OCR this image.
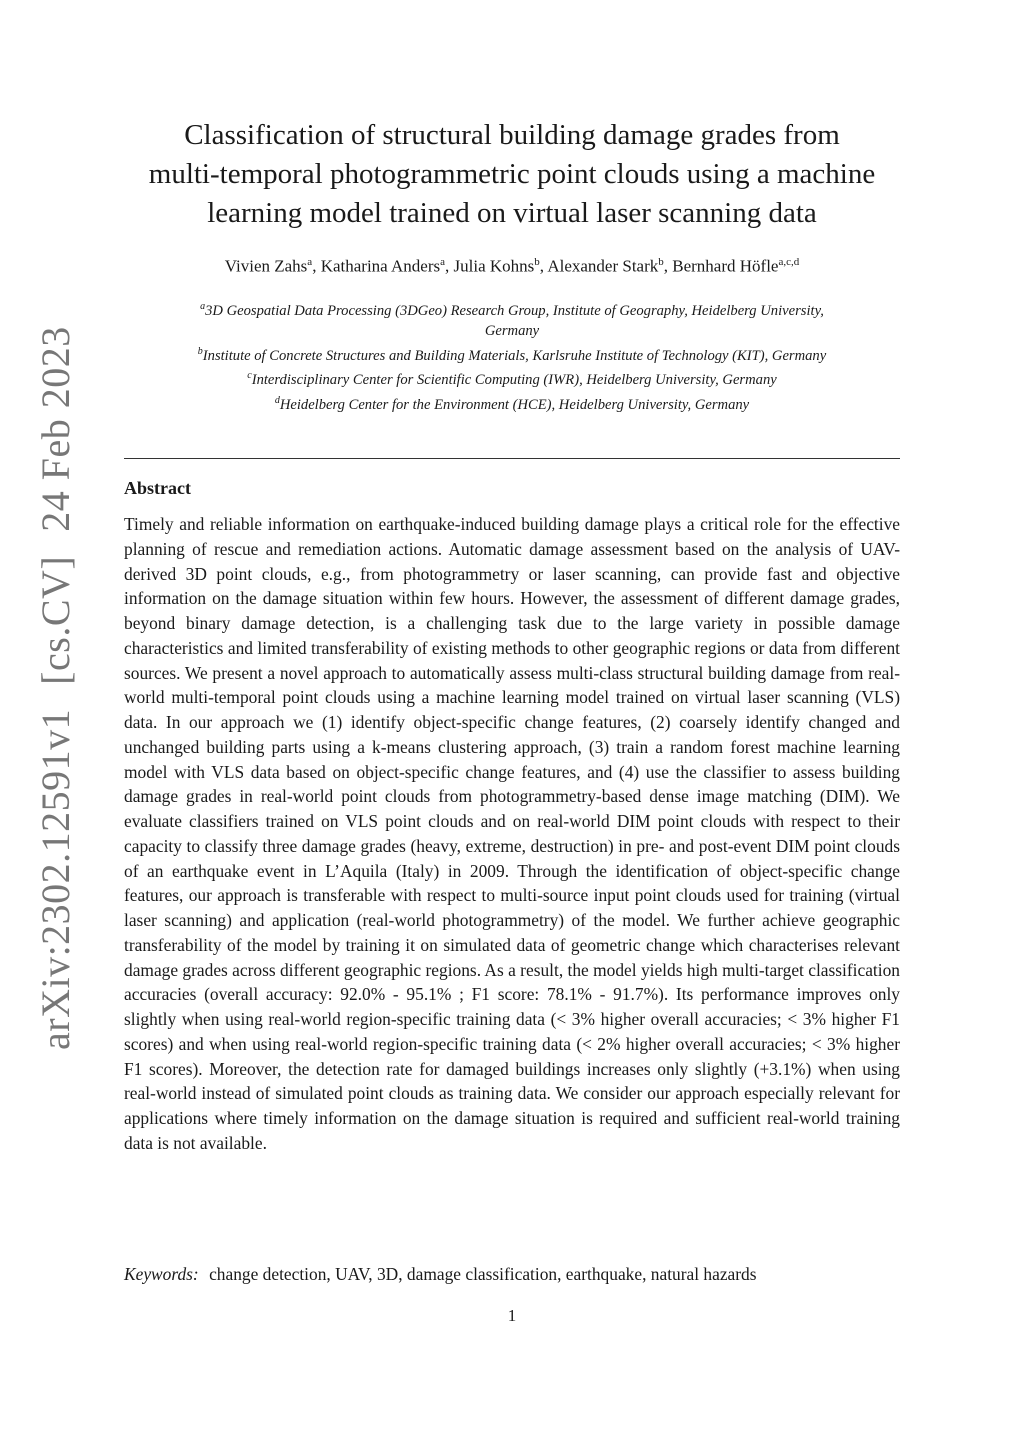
arXiv:2302.12591v1[cs.CV]24 Feb 2023
Classification of structural building damage grades from
multi-temporal photogrammetric point clouds using a machine
learning model trained on virtual laser scanning data
Vivien Zahs$^a$, Katharina Anders$^a$, Julia Kohns$^b$, Alexander Stark$^b$, Bernhard Höfle$^{a,c,d}$
$^a$3D Geospatial Data Processing (3DGeo) Research Group, Institute of Geography, Heidelberg University,
Germany
$^b$Institute of Concrete Structures and Building Materials, Karlsruhe Institute of Technology (KIT), Germany
$^c$Interdisciplinary Center for Scientific Computing (IWR), Heidelberg University, Germany
$^d$Heidelberg Center for the Environment (HCE), Heidelberg University, Germany
Abstract
Timely and reliable information on earthquake-induced building damage plays a critical role for the effective planning of rescue and remediation actions. Automatic damage assessment based on the analysis of UAV-derived 3D point clouds, e.g., from photogrammetry or laser scanning, can provide fast and objective information on the damage situation within few hours. However, the assessment of different damage grades, beyond binary damage detection, is a challenging task due to the large variety in possible damage characteristics and limited transferability of existing methods to other geographic regions or data from different sources. We present a novel approach to automatically assess multi-class structural building damage from real-world multi-temporal point clouds using a machine learning model trained on virtual laser scanning (VLS) data. In our approach we (1) identify object-specific change features, (2) coarsely identify changed and unchanged building parts using a k-means clustering approach, (3) train a random forest machine learning model with VLS data based on object-specific change features, and (4) use the classifier to assess building damage grades in real-world point clouds from photogrammetry-based dense image matching (DIM). We evaluate classifiers trained on VLS point clouds and on real-world DIM point clouds with respect to their capacity to classify three damage grades (heavy, extreme, destruction) in pre- and post-event DIM point clouds of an earthquake event in L’Aquila (Italy) in 2009. Through the identification of object-specific change features, our approach is transferable with respect to multi-source input point clouds used for training (virtual laser scanning) and application (real-world photogrammetry) of the model. We further achieve geographic transferability of the model by training it on simulated data of geometric change which characterises relevant damage grades across different geographic regions. As a result, the model yields high multi-target classification accuracies (overall accuracy: 92.0% - 95.1% ; F1 score: 78.1% - 91.7%). Its performance improves only slightly when using real-world region-specific training data (< 3% higher overall accuracies; < 3% higher F1 scores) and when using real-world region-specific training data (< 2% higher overall accuracies; < 3% higher F1 scores). Moreover, the detection rate for damaged buildings increases only slightly (+3.1%) when using real-world instead of simulated point clouds as training data. We consider our approach especially relevant for applications where timely information on the damage situation is required and sufficient real-world training data is not available.
Keywords: change detection, UAV, 3D, damage classification, earthquake, natural hazards
1
